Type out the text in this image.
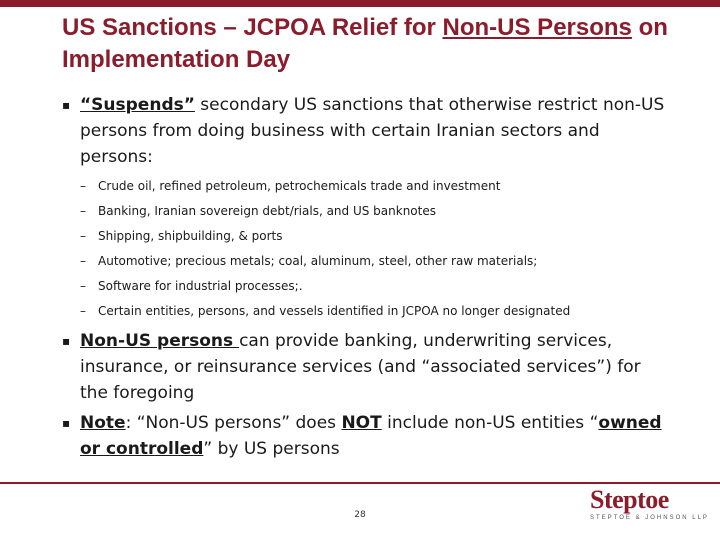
US Sanctions – JCPOA Relief for Non-US Persons on Implementation Day
▪ “Suspends” secondary US sanctions that otherwise restrict non-US persons from doing business with certain Iranian sectors and persons:
– Crude oil, refined petroleum, petrochemicals trade and investment
– Banking, Iranian sovereign debt/rials, and US banknotes
– Shipping, shipbuilding, & ports
– Automotive; precious metals; coal, aluminum, steel, other raw materials;
– Software for industrial processes;.
– Certain entities, persons, and vessels identified in JCPOA no longer designated
▪ Non-US persons can provide banking, underwriting services, insurance, or reinsurance services (and “associated services”) for the foregoing
▪ Note: “Non-US persons” does NOT include non-US entities “owned or controlled” by US persons
28
Steptoe
STEPTOE & JOHNSON LLP
